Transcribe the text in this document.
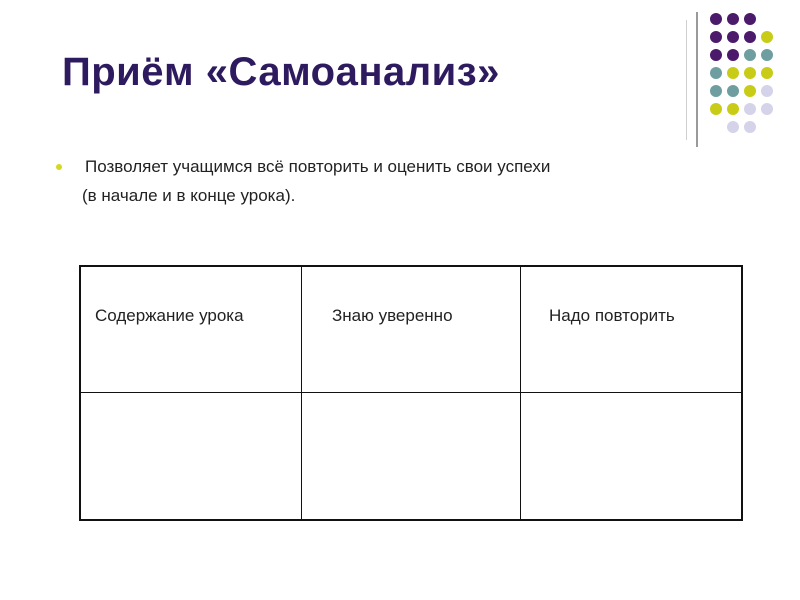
Приём «Самоанализ»
Позволяет учащимся всё повторить и оценить свои успехи
(в начале и в конце урока).
Содержание урока	Знаю уверенно	Надо повторить
